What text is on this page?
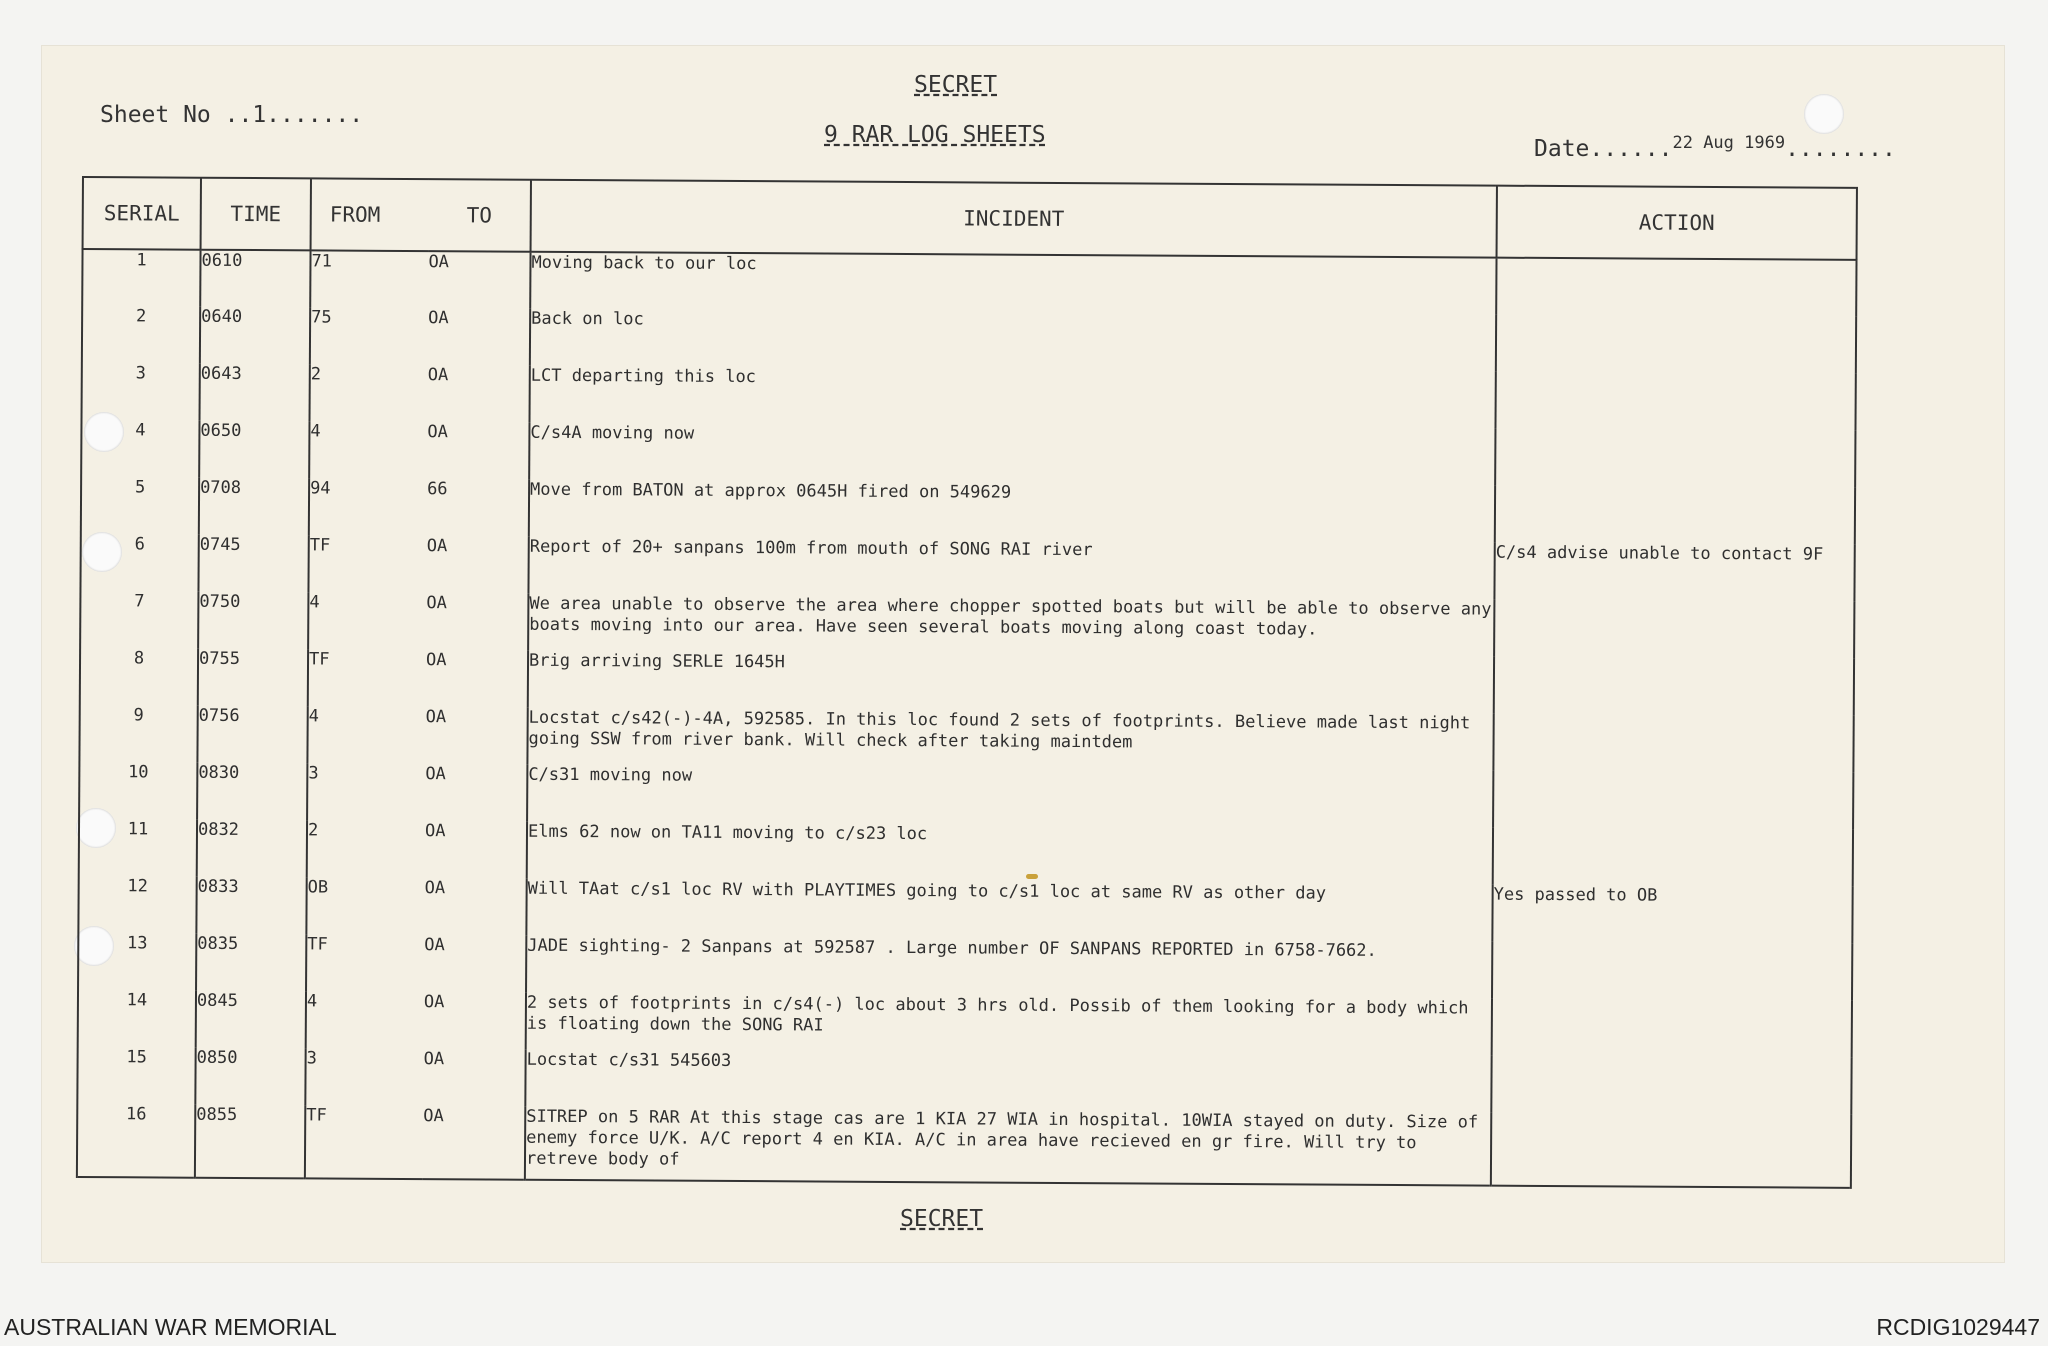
SECRET
Sheet No ..1.......
9 RAR LOG SHEETS
Date......$^{22 Aug 1969}$........
SECRET
SERIAL	TIME	FROM	TO	INCIDENT	ACTION
1	0610	71	OA	Moving back to our loc	
2	0640	75	OA	Back on loc	
3	0643	2	OA	LCT departing this loc	
4	0650	4	OA	C/s4A moving now	
5	0708	94	66	Move from BATON at approx 0645H fired on 549629	
6	0745	TF	OA	Report of 20+ sanpans 100m from mouth of SONG RAI river	C/s4 advise unable to contact 9F
7	0750	4	OA	We area unable to observe the area where chopper spotted boats but will be able to observe any boats moving into our area. Have seen several boats moving along coast today.	
8	0755	TF	OA	Brig arriving SERLE 1645H	
9	0756	4	OA	Locstat c/s42(-)-4A, 592585. In this loc found 2 sets of footprints. Believe made last night going SSW from river bank. Will check after taking maintdem	
10	0830	3	OA	C/s31 moving now	
11	0832	2	OA	Elms 62 now on TA11 moving to c/s23 loc	
12	0833	OB	OA	Will TAat c/s1 loc RV with PLAYTIMES going to c/s1 loc at same RV as other day	Yes passed to OB
13	0835	TF	OA	JADE sighting- 2 Sanpans at 592587 . Large number OF SANPANS REPORTED in 6758-7662.	
14	0845	4	OA	2 sets of footprints in c/s4(-) loc about 3 hrs old. Possib of them looking for a body which is floating down the SONG RAI	
15	0850	3	OA	Locstat c/s31 545603	
16	0855	TF	OA	SITREP on 5 RAR At this stage cas are 1 KIA 27 WIA in hospital. 10WIA stayed on duty. Size of enemy force U/K. A/C report 4 en KIA. A/C in area have recieved en gr fire. Will try to retreve body of	
AUSTRALIAN WAR MEMORIAL	RCDIG1029447
